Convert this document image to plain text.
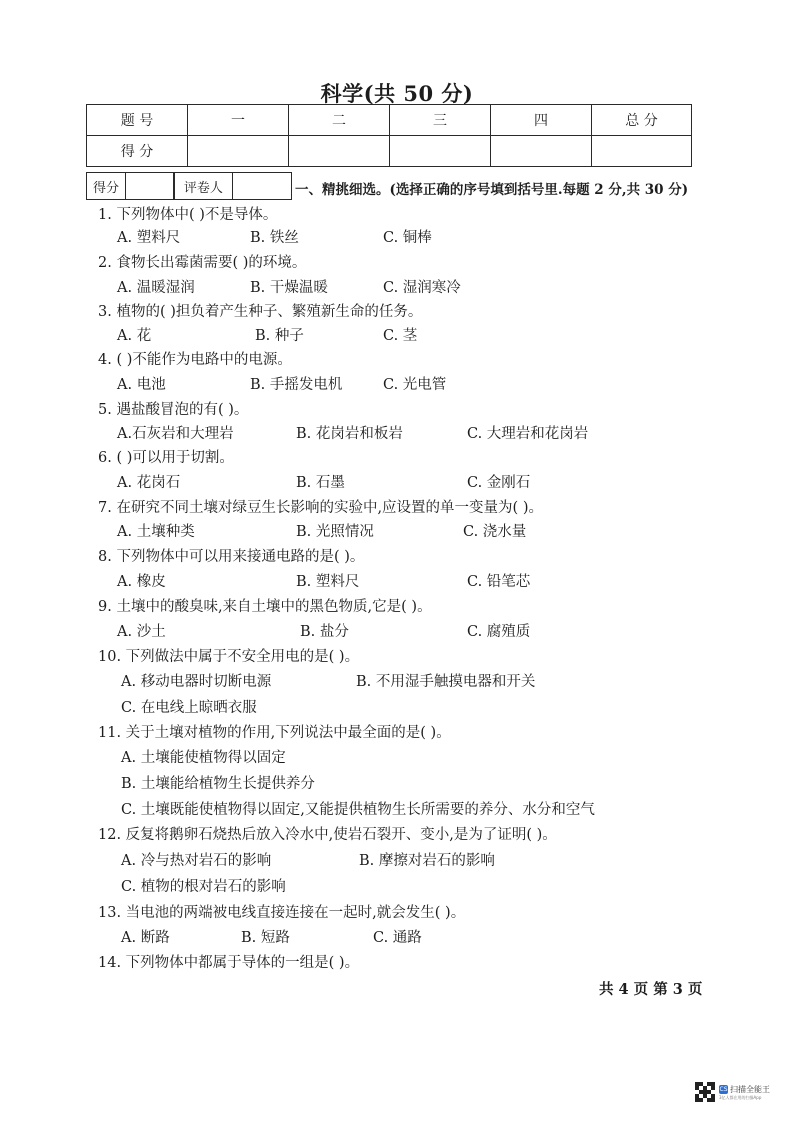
科学(共 50 分)
题 号	一	二	三	四	总 分
得 分					
得分	评卷人	一、精挑细选。(选择正确的序号填到括号里.每题 2 分,共 30 分)
1. 下列物体中( )不是导体。
A. 塑料尺	B. 铁丝	C. 铜棒
2. 食物长出霉菌需要( )的环境。
A. 温暖湿润	B. 干燥温暖	C. 湿润寒冷
3. 植物的( )担负着产生种子、繁殖新生命的任务。
A. 花	B. 种子	C. 茎
4. ( )不能作为电路中的电源。
A. 电池	B. 手摇发电机	C. 光电管
5. 遇盐酸冒泡的有( )。
A.石灰岩和大理岩	B. 花岗岩和板岩	C. 大理岩和花岗岩
6. ( )可以用于切割。
A. 花岗石	B. 石墨	C. 金刚石
7. 在研究不同土壤对绿豆生长影响的实验中,应设置的单一变量为( )。
A. 土壤种类	B. 光照情况	C. 浇水量
8. 下列物体中可以用来接通电路的是( )。
A. 橡皮	B. 塑料尺	C. 铅笔芯
9. 土壤中的酸臭味,来自土壤中的黑色物质,它是( )。
A. 沙土	B. 盐分	C. 腐殖质
10. 下列做法中属于不安全用电的是( )。
A. 移动电器时切断电源	B. 不用湿手触摸电器和开关
C. 在电线上晾晒衣服
11. 关于土壤对植物的作用,下列说法中最全面的是( )。
A. 土壤能使植物得以固定
B. 土壤能给植物生长提供养分
C. 土壤既能使植物得以固定,又能提供植物生长所需要的养分、水分和空气
12. 反复将鹅卵石烧热后放入冷水中,使岩石裂开、变小,是为了证明( )。
A. 冷与热对岩石的影响	B. 摩擦对岩石的影响
C. 植物的根对岩石的影响
13. 当电池的两端被电线直接连接在一起时,就会发生( )。
A. 断路	B. 短路	C. 通路
14. 下列物体中都属于导体的一组是( )。
共 4 页 第 3 页
CS 扫描全能王
3亿人都在用的扫描App
